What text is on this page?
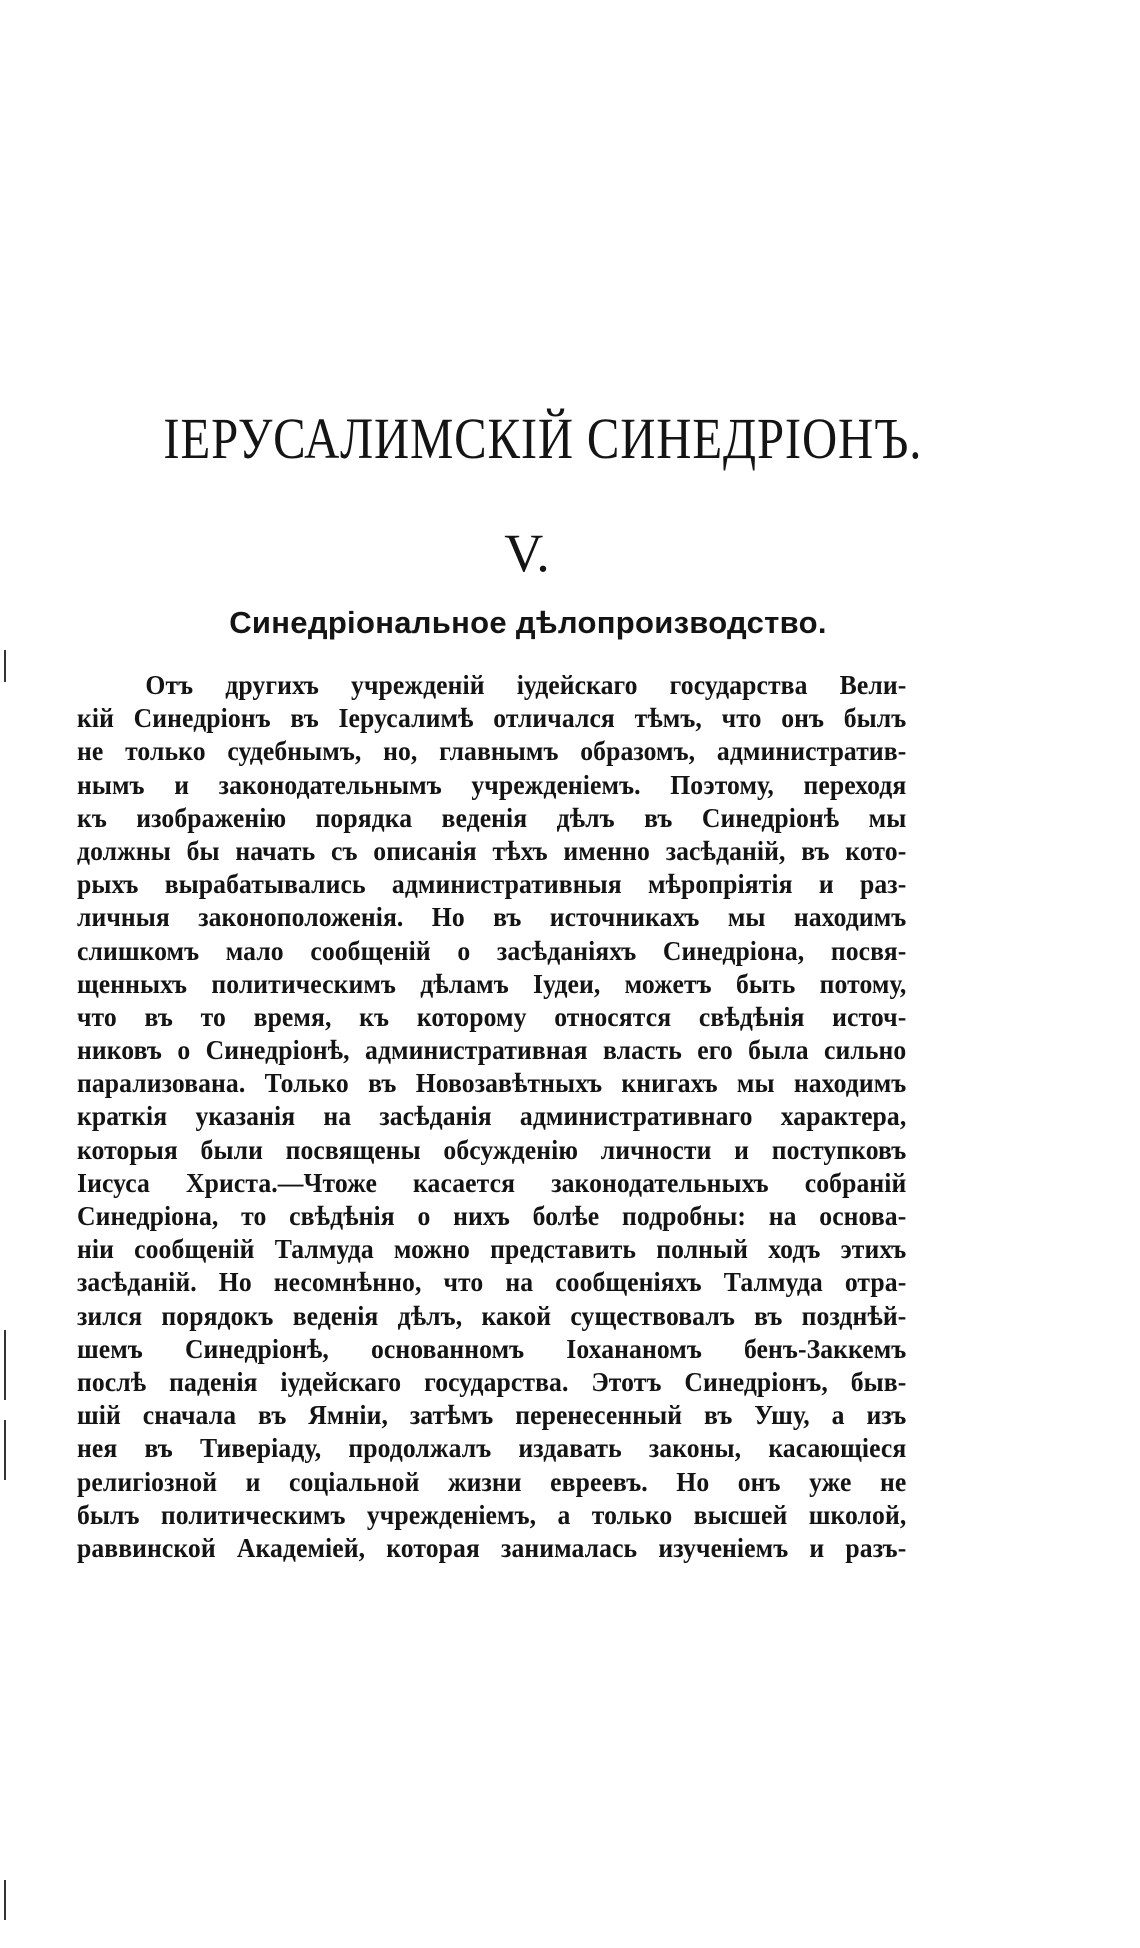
ІЕРУСАЛИМСКІЙ СИНЕДРІОНЪ.
V.
Синедріональное дѣлопроизводство.
Отъ другихъ учрежденій іудейскаго государства Вели-
кій Синедріонъ въ Іерусалимѣ отличался тѣмъ, что онъ былъ
не только судебнымъ, но, главнымъ образомъ, административ-
нымъ и законодательнымъ учрежденіемъ. Поэтому, переходя
къ изображенію порядка веденія дѣлъ въ Синедріонѣ мы
должны бы начать съ описанія тѣхъ именно засѣданій, въ кото-
рыхъ вырабатывались административныя мѣропріятія и раз-
личныя законоположенія. Но въ источникахъ мы находимъ
слишкомъ мало сообщеній о засѣданіяхъ Синедріона, посвя-
щенныхъ политическимъ дѣламъ Іудеи, можетъ быть потому,
что въ то время, къ которому относятся свѣдѣнія источ-
никовъ о Синедріонѣ, административная власть его была сильно
парализована. Только въ Новозавѣтныхъ книгахъ мы находимъ
краткія указанія на засѣданія административнаго характера,
которыя были посвящены обсужденію личности и поступковъ
Іисуса Христа.—Чтоже касается законодательныхъ собраній
Синедріона, то свѣдѣнія о нихъ болѣе подробны: на основа-
ніи сообщеній Талмуда можно представить полный ходъ этихъ
засѣданій. Но несомнѣнно, что на сообщеніяхъ Талмуда отра-
зился порядокъ веденія дѣлъ, какой существовалъ въ позднѣй-
шемъ Синедріонѣ, основанномъ Іохананомъ бенъ-Заккемъ
послѣ паденія іудейскаго государства. Этотъ Синедріонъ, быв-
шій сначала въ Ямніи, затѣмъ перенесенный въ Ушу, а изъ
нея въ Тиверіаду, продолжалъ издавать законы, касающіеся
религіозной и соціальной жизни евреевъ. Но онъ уже не
былъ политическимъ учрежденіемъ, а только высшей школой,
раввинской Академіей, которая занималась изученіемъ и разъ-
